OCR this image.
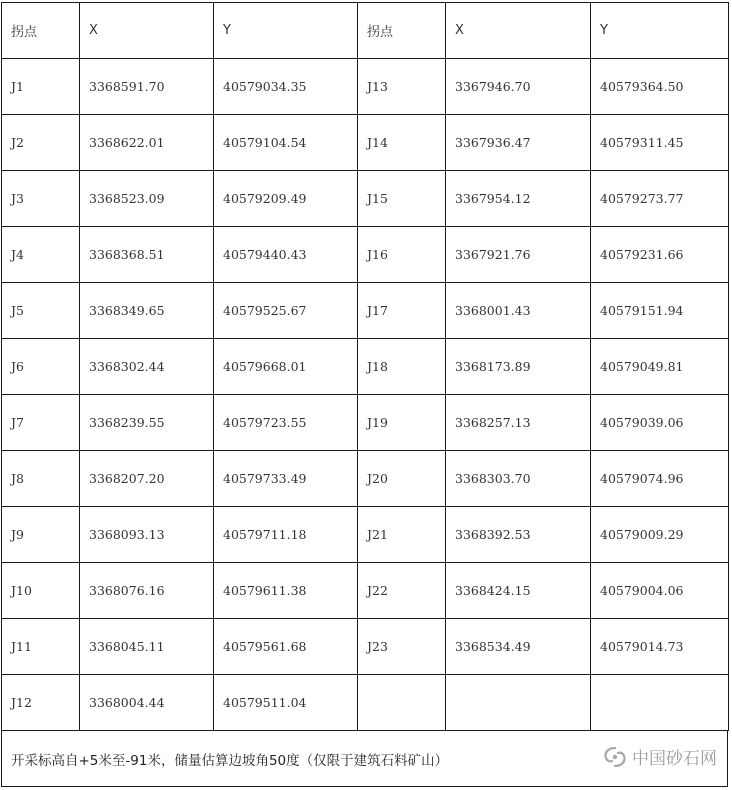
拐点	X	Y	拐点	X	Y
J1	3368591.70	40579034.35	J13	3367946.70	40579364.50
J2	3368622.01	40579104.54	J14	3367936.47	40579311.45
J3	3368523.09	40579209.49	J15	3367954.12	40579273.77
J4	3368368.51	40579440.43	J16	3367921.76	40579231.66
J5	3368349.65	40579525.67	J17	3368001.43	40579151.94
J6	3368302.44	40579668.01	J18	3368173.89	40579049.81
J7	3368239.55	40579723.55	J19	3368257.13	40579039.06
J8	3368207.20	40579733.49	J20	3368303.70	40579074.96
J9	3368093.13	40579711.18	J21	3368392.53	40579009.29
J10	3368076.16	40579611.38	J22	3368424.15	40579004.06
J11	3368045.11	40579561.68	J23	3368534.49	40579014.73
J12	3368004.44	40579511.04			
开采标高自+5米至-91米，储量估算边坡角50度（仅限于建筑石料矿山）	中国砂石网
